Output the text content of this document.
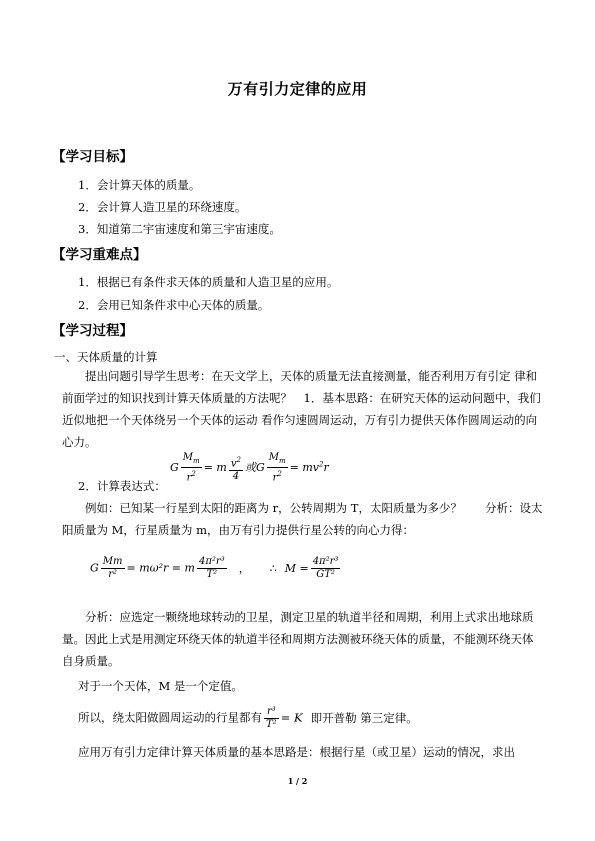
万有引力定律的应用
【学习目标】
1．会计算天体的质量。
2．会计算人造卫星的环绕速度。
3．知道第二宇宙速度和第三宇宙速度。
【学习重难点】
1．根据已有条件求天体的质量和人造卫星的应用。
2．会用已知条件求中心天体的质量。
【学习过程】
一、天体质量的计算
提出问题引导学生思考：在天文学上，天体的质量无法直接测量，能否利用万有引定 律和前面学过的知识找到计算天体质量的方法呢？　1．基本思路：在研究天体的运动问题中，我们近似地把一个天体绕另一个天体的运动 看作匀速圆周运动，万有引力提供天体作圆周运动的向心力。
2．计算表达式：
G $\frac{M_m}{r^2} = m \frac{v^2}{4}$ 或G $\frac{M_m}{r^2} = mv^2r$
例如：已知某一行星到太阳的距离为 r，公转周期为 T，太阳质量为多少？　　分析：设太阳质量为 M，行星质量为 m，由万有引力提供行星公转的向心力得：
G $\frac{Mm}{\text{r²}} = m\omega^2r = m \frac{\text{4π²r³}}{\text{T²}}$ ， ∴ $M = \frac{\text{4π²r³}}{\text{GT²}}$
分析：应选定一颗绕地球转动的卫星，测定卫星的轨道半径和周期，利用上式求出地球质量。因此上式是用测定环绕天体的轨道半径和周期方法测被环绕天体的质量，不能测环绕天体自身质量。
对于一个天体，M 是一个定值。
所以，绕太阳做圆周运动的行星都有 $\frac{\text{r³}}{\text{T²}} = K$ 即开普勒 第三定律。
应用万有引力定律计算天体质量的基本思路是：根据行星（或卫星）运动的情况，求出
1 / 2
